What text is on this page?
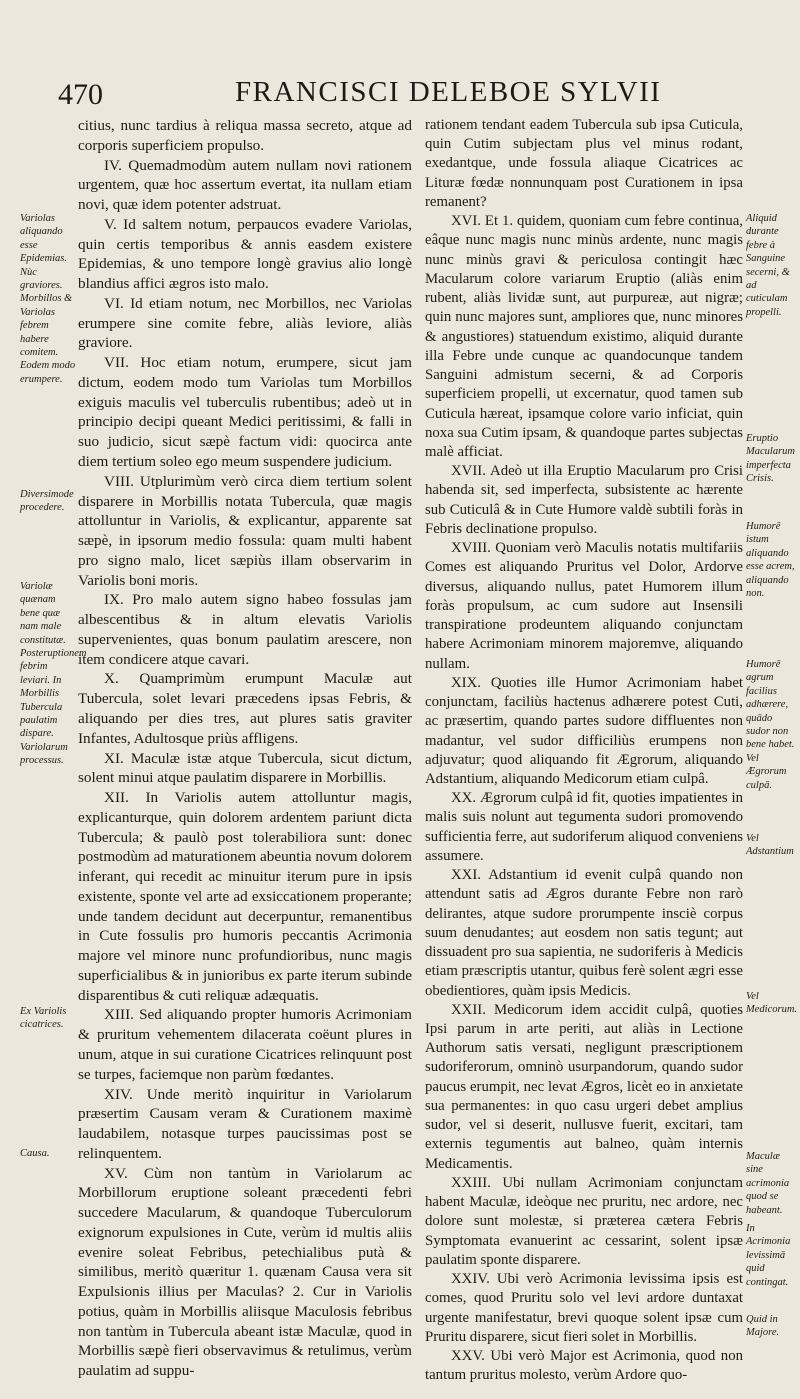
470	FRANCISCI DELEBOE SYLVII

citius, nunc tardius à reliqua massa secreto, atque ad corporis superficiem propulso.

IV. Quemadmodùm autem nullam novi rationem urgentem, quæ hoc assertum evertat, ita nullam etiam novi, quæ idem potenter adstruat.

V. Id saltem notum, perpaucos evadere Variolas, quin certis temporibus & annis easdem existere Epidemias, & uno tempore longè gravius alio longè blandius affici ægros isto malo.

VI. Id etiam notum, nec Morbillos, nec Variolas erumpere sine comite febre, aliàs leviore, aliàs graviore.

VII. Hoc etiam notum, erumpere, sicut jam dictum, eodem modo tum Variolas tum Morbillos exiguis maculis vel tuberculis rubentibus; adeò ut in principio decipi queant Medici peritissimi, & falli in suo judicio, sicut sæpè factum vidi: quocirca ante diem tertium soleo ego meum suspendere judicium.

VIII. Utplurimùm verò circa diem tertium solent disparere in Morbillis notata Tubercula, quæ magis attolluntur in Variolis, & explicantur, apparente sat sæpè, in ipsorum medio fossula: quam multi habent pro signo malo, licet sæpiùs illam observarim in Variolis boni moris.

IX. Pro malo autem signo habeo fossulas jam albescentibus & in altum elevatis Variolis supervenientes, quas bonum paulatim arescere, non item condicere atque cavari.

X. Quamprimùm erumpunt Maculæ aut Tubercula, solet levari præcedens ipsas Febris, & aliquando per dies tres, aut plures satis graviter Infantes, Adultosque priùs affligens.

XI. Maculæ istæ atque Tubercula, sicut dictum, solent minui atque paulatim disparere in Morbillis.

XII. In Variolis autem attolluntur magis, explicanturque, quin dolorem ardentem pariunt dicta Tubercula; & paulò post tolerabiliora sunt: donec postmodùm ad maturationem abeuntia novum dolorem inferant, qui recedit ac minuitur iterum pure in ipsis existente, sponte vel arte ad exsiccationem properante; unde tandem decidunt aut decerpuntur, remanentibus in Cute fossulis pro humoris peccantis Acrimonia majore vel minore nunc profundioribus, nunc magis superficialibus & in junioribus ex parte iterum subinde disparentibus & cuti reliquæ adæquatis.

XIII. Sed aliquando propter humoris Acrimoniam & pruritum vehementem dilacerata coëunt plures in unum, atque in sui curatione Cicatrices relinquunt post se turpes, faciemque non parùm fœdantes.

XIV. Unde meritò inquiritur in Variolarum præsertim Causam veram & Curationem maximè laudabilem, notasque turpes paucissimas post se relinquentem.

XV. Cùm non tantùm in Variolarum ac Morbillorum eruptione soleant præcedenti febri succedere Macularum, & quandoque Tuberculorum exignorum expulsiones in Cute, verùm id multis aliis evenire soleat Febribus, petechialibus putà & similibus, meritò quæritur 1. quænam Causa vera sit Expulsionis illius per Maculas? 2. Cur in Variolis potius, quàm in Morbillis aliisque Maculosis febribus non tantùm in Tubercula abeant istæ Maculæ, quod in Morbillis sæpè fieri observavimus & retulimus, verùm paulatim ad suppu-

rationem tendant eadem Tubercula sub ipsa Cuticula, quin Cutim subjectam plus vel minus rodant, exedantque, unde fossula aliaque Cicatrices ac Lituræ fœdæ nonnunquam post Curationem in ipsa remanent?

XVI. Et 1. quidem, quoniam cum febre continua, eâque nunc magis nunc minùs ardente, nunc magis nunc minùs gravi & periculosa contingit hæc Macularum colore variarum Eruptio (aliàs enim rubent, aliàs lividæ sunt, aut purpureæ, aut nigræ; quin nunc majores sunt, ampliores que, nunc minores & angustiores) statuendum existimo, aliquid durante illa Febre unde cunque ac quandocunque tandem Sanguini admistum secerni, & ad Corporis superficiem propelli, ut excernatur, quod tamen sub Cuticula hæreat, ipsamque colore vario inficiat, quin noxa sua Cutim ipsam, & quandoque partes subjectas malè afficiat.

XVII. Adeò ut illa Eruptio Macularum pro Crisi habenda sit, sed imperfecta, subsistente ac hærente sub Cuticulâ & in Cute Humore valdè subtili foràs in Febris declinatione propulso.

XVIII. Quoniam verò Maculis notatis multifariis Comes est aliquando Pruritus vel Dolor, Ardorve diversus, aliquando nullus, patet Humorem illum foràs propulsum, ac cum sudore aut Insensili transpiratione prodeuntem aliquando conjunctam habere Acrimoniam minorem majoremve, aliquando nullam.

XIX. Quoties ille Humor Acrimoniam habet conjunctam, faciliùs hactenus adhærere potest Cuti, ac præsertim, quando partes sudore diffluentes non madantur, vel sudor difficiliùs erumpens non adjuvatur; quod aliquando fit Ægrorum, aliquando Adstantium, aliquando Medicorum etiam culpâ.

XX. Ægrorum culpâ id fit, quoties impatientes in malis suis nolunt aut tegumenta sudori promovendo sufficientia ferre, aut sudoriferum aliquod conveniens assumere.

XXI. Adstantium id evenit culpâ quando non attendunt satis ad Ægros durante Febre non rarò delirantes, atque sudore prorumpente insciè corpus suum denudantes; aut eosdem non satis tegunt; aut dissuadent pro sua sapientia, ne sudoriferis à Medicis etiam præscriptis utantur, quibus ferè solent ægri esse obedientiores, quàm ipsis Medicis.

XXII. Medicorum idem accidit culpâ, quoties Ipsi parum in arte periti, aut aliàs in Lectione Authorum satis versati, negligunt præscriptionem sudoriferorum, omninò usurpandorum, quando sudor paucus erumpit, nec levat Ægros, licèt eo in anxietate sua permanentes: in quo casu urgeri debet amplius sudor, vel si deserit, nullusve fuerit, excitari, tam externis tegumentis aut balneo, quàm internis Medicamentis.

XXIII. Ubi nullam Acrimoniam conjunctam habent Maculæ, ideòque nec pruritu, nec ardore, nec dolore sunt molestæ, si præterea cætera Febris Symptomata evanuerint ac cessarint, solent ipsæ paulatim sponte disparere.

XXIV. Ubi verò Acrimonia levissima ipsis est comes, quod Pruritu solo vel levi ardore duntaxat urgente manifestatur, brevi quoque solent ipsæ cum Pruritu disparere, sicut fieri solet in Morbillis.

XXV. Ubi verò Major est Acrimonia, quod non tantum pruritus molesto, verùm Ardore quo-

Variolas aliquando esse Epidemias. Nùc graviores. Morbillos & Variolas febrem habere comitem. Eodem modo erumpere.
Diversimode procedere.
Variolæ quænam bene quæ nam male constitutæ. Posteruptionem febrim leviari. In Morbillis Tubercula paulatim dispare. Variolarum processus.
Ex Variolis cicatrices.
Causa.
Aliquid durante febre à Sanguine secerni, & ad cuticulam propelli.
Eruptio Macularum imperfecta Crisis.
Humorē istum aliquando esse acrem, aliquando non.
Humorē agrum facilius adhærere, quādo sudor non bene habet. Vel Ægrorum culpā.
Vel Adstantium
Vel Medicorum.
Maculæ sine acrimonia quod se habeant.
In Acrimonia levissimā quid contingat.
Quid in Majore.
